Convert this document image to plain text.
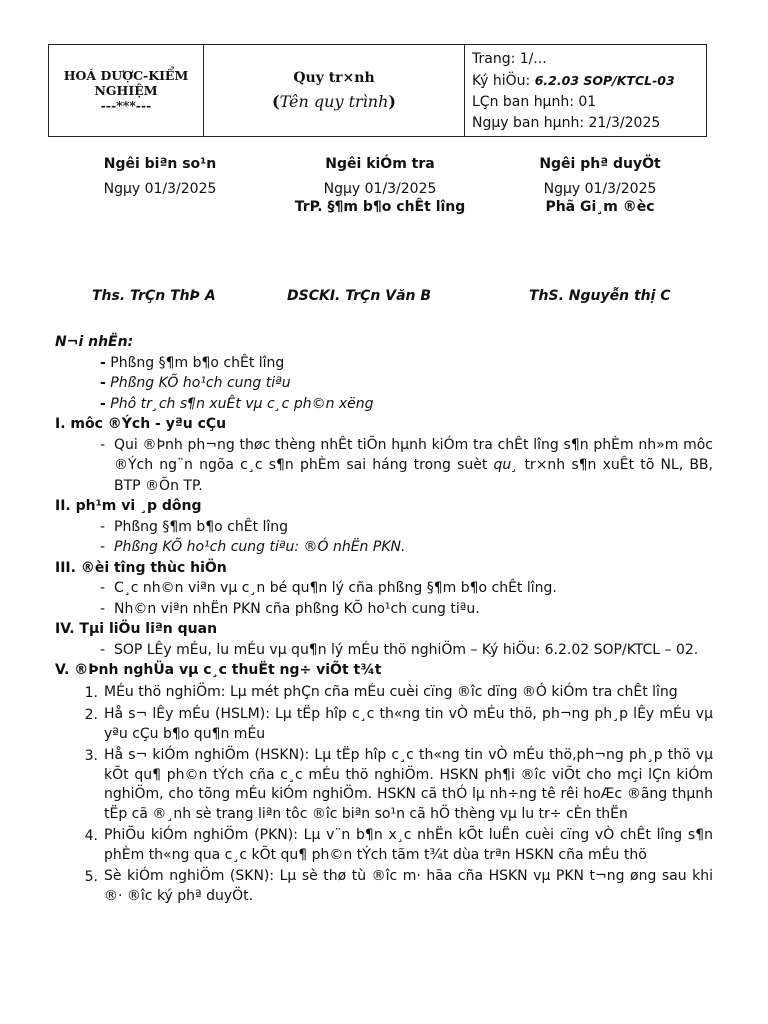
HOÁ DƯỢC-KIỂM
NGHIỆM
---***---
Quy tr×nh
(Tên quy trình)
Trang: 1/...
Ký hiÖu: 6.2.03 SOP/KTCL-03
LÇn ban hµnh: 01
Ngµy ban hµnh: 21/3/2025
Ngêi biªn so¹n
Ngµy 01/3/2025
Ngêi kiÓm tra
Ngµy 01/3/2025
TrP. §¶m b¶o chÊt lîng
Ngêi phª duyÖt
Ngµy 01/3/2025
Phã Gi¸m ®èc
Ths. TrÇn ThÞ A	DSCKI. TrÇn Văn B	ThS. Nguyễn thị C
N¬i nhËn:
- Phßng §¶m b¶o chÊt lîng
- Phßng KÕ ho¹ch cung tiªu
- Phô tr¸ch s¶n xuÊt vµ c¸c ph©n xëng
I. môc ®Ých - yªu cÇu
- Qui ®Þnh ph¬ng thøc thèng nhÊt tiÕn hµnh kiÓm tra chÊt lîng s¶n phÈm nh»m môc ®Ých ng¨n ngõa c¸c s¶n phÈm sai háng trong suèt qu¸ tr×nh s¶n xuÊt tõ NL, BB, BTP ®Õn TP.
II. ph¹m vi ¸p dông
- Phßng §¶m b¶o chÊt lîng
- Phßng KÕ ho¹ch cung tiªu: ®Ó nhËn PKN.
III. ®èi tîng thùc hiÖn
- C¸c nh©n viªn vµ c¸n bé qu¶n lý cña phßng §¶m b¶o chÊt lîng.
- Nh©n viªn nhËn PKN cña phßng KÕ ho¹ch cung tiªu.
IV. Tµi liÖu liªn quan
-  SOP LÊy mÉu, lu mÉu vµ qu¶n lý mÉu thö nghiÖm – Ký hiÖu: 6.2.02 SOP/KTCL – 02.
V. ®Þnh nghÜa vµ c¸c thuËt ng÷ viÕt t¾t
1. MÉu thö nghiÖm: Lµ mét phÇn cña mÉu cuèi cïng ®îc dïng ®Ó kiÓm tra chÊt lîng
2. Hå s¬ lÊy mÉu (HSLM): Lµ tËp hîp c¸c th«ng tin vÒ mÉu thö, ph¬ng ph¸p lÊy mÉu vµ yªu cÇu b¶o qu¶n mÉu
3. Hå s¬ kiÓm nghiÖm (HSKN): Lµ tËp hîp c¸c th«ng tin vÒ mÉu thö,ph¬ng ph¸p thö vµ kÕt qu¶ ph©n tÝch cña c¸c mÉu thö nghiÖm. HSKN ph¶i ®îc viÕt cho mçi lÇn kiÓm nghiÖm, cho tõng mÉu kiÓm nghiÖm. HSKN cã thÓ lµ nh÷ng tê rêi hoÆc ®ãng thµnh tËp cã ®¸nh sè trang liªn tôc ®îc biªn so¹n cã hÖ thèng vµ lu tr÷ cÈn thËn
4. PhiÕu kiÓm nghiÖm (PKN): Lµ v¨n b¶n x¸c nhËn kÕt luËn cuèi cïng vÒ chÊt lîng s¶n phÈm th«ng qua c¸c kÕt qu¶ ph©n tÝch tãm t¾t dùa trªn HSKN cña mÉu thö
5. Sè kiÓm nghiÖm (SKN): Lµ sè thø tù ®îc m· hãa cña HSKN vµ PKN t¬ng øng sau khi ®· ®îc ký phª duyÖt.
